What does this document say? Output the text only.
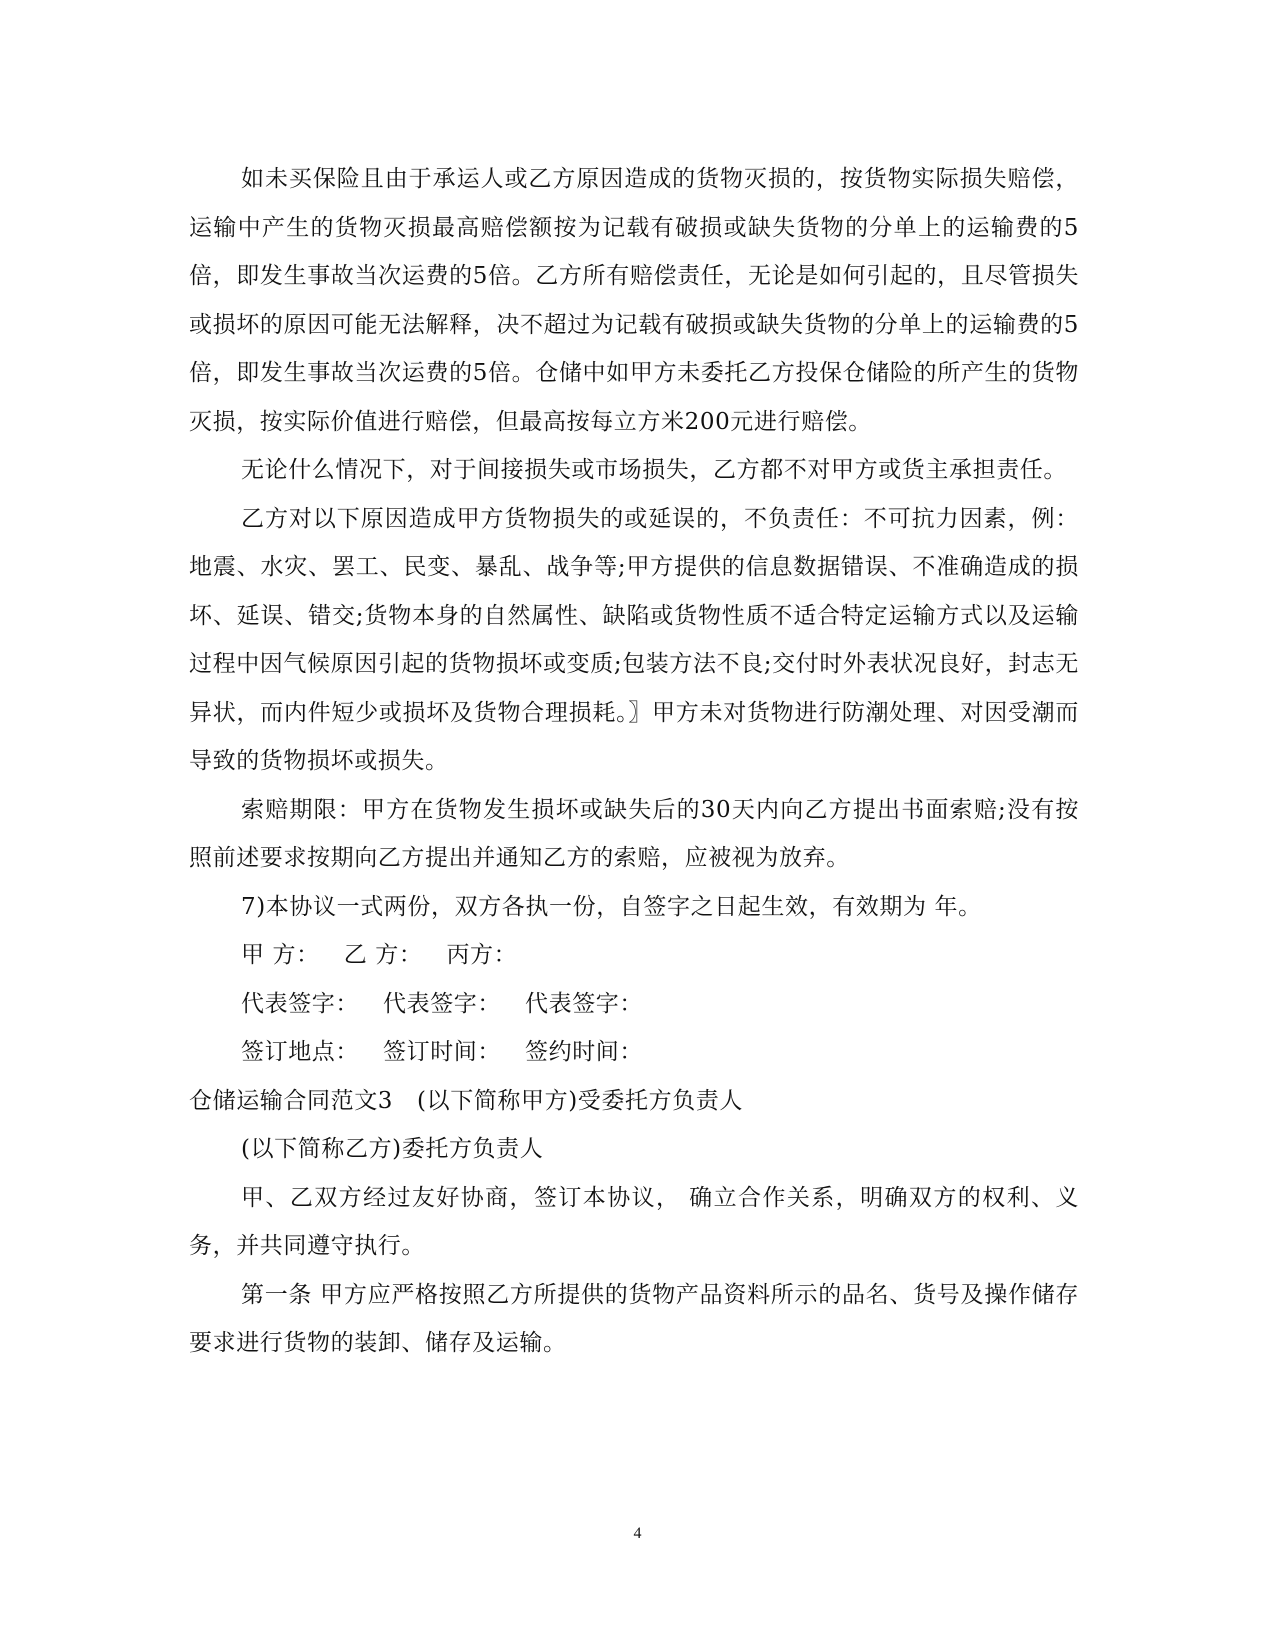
如未买保险且由于承运人或乙方原因造成的货物灭损的，按货物实际损失赔偿，运输中产生的货物灭损最高赔偿额按为记载有破损或缺失货物的分单上的运输费的5倍，即发生事故当次运费的5倍。乙方所有赔偿责任，无论是如何引起的，且尽管损失或损坏的原因可能无法解释，决不超过为记载有破损或缺失货物的分单上的运输费的5倍，即发生事故当次运费的5倍。仓储中如甲方未委托乙方投保仓储险的所产生的货物灭损，按实际价值进行赔偿，但最高按每立方米200元进行赔偿。

无论什么情况下，对于间接损失或市场损失，乙方都不对甲方或货主承担责任。

乙方对以下原因造成甲方货物损失的或延误的，不负责任：不可抗力因素，例：地震、水灾、罢工、民变、暴乱、战争等;甲方提供的信息数据错误、不准确造成的损坏、延误、错交;货物本身的自然属性、缺陷或货物性质不适合特定运输方式以及运输过程中因气候原因引起的货物损坏或变质;包装方法不良;交付时外表状况良好，封志无异状，而内件短少或损坏及货物合理损耗。〗甲方未对货物进行防潮处理、对因受潮而导致的货物损坏或损失。

索赔期限：甲方在货物发生损坏或缺失后的30天内向乙方提出书面索赔;没有按照前述要求按期向乙方提出并通知乙方的索赔，应被视为放弃。

7)本协议一式两份，双方各执一份，自签字之日起生效，有效期为 年。

甲 方： 乙 方： 丙方：

代表签字： 代表签字： 代表签字：

签订地点： 签订时间： 签约时间：

仓储运输合同范文3 (以下简称甲方)受委托方负责人

(以下简称乙方)委托方负责人

甲、乙双方经过友好协商，签订本协议， 确立合作关系，明确双方的权利、义务，并共同遵守执行。

第一条 甲方应严格按照乙方所提供的货物产品资料所示的品名、货号及操作储存要求进行货物的装卸、储存及运输。

4
